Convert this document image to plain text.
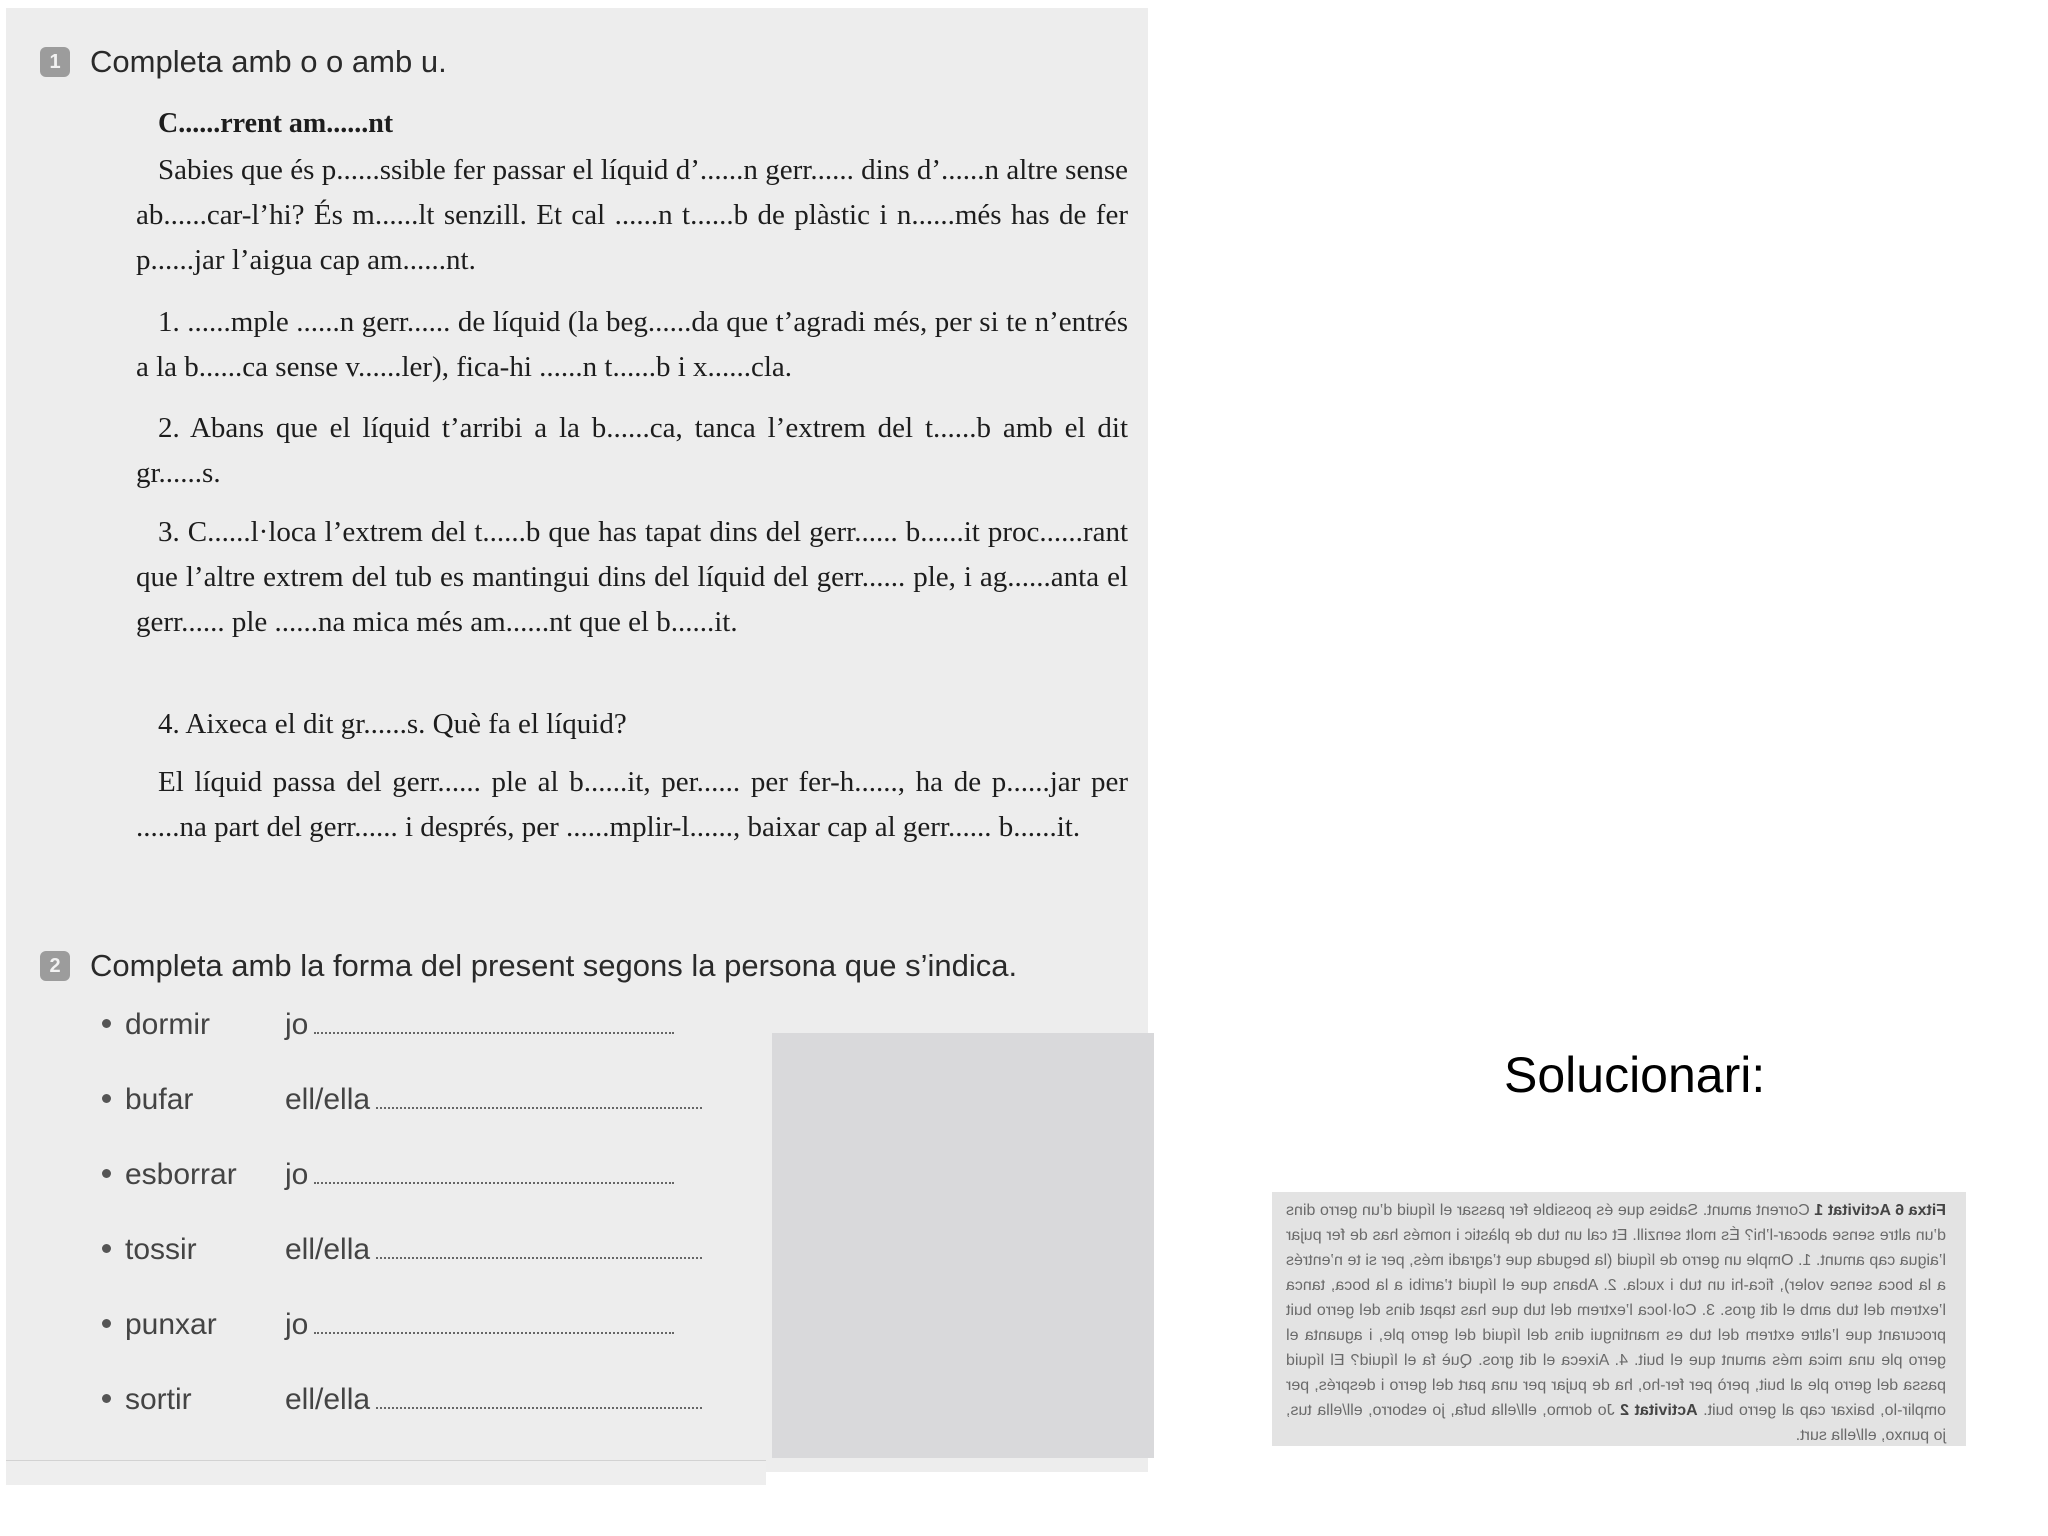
1 Completa amb o o amb u.
C......rrent am......nt
Sabies que és p......ssible fer passar el líquid d’......n gerr...... dins d’......n altre sense ab......car-l’hi? És m......lt senzill. Et cal ......n t......b de plàstic i n......més has de fer p......jar l’aigua cap am......nt.
1. ......mple ......n gerr...... de líquid (la beg......da que t’agradi més, per si te n’entrés a la b......ca sense v......ler), fica-hi ......n t......b i x......cla.
2. Abans que el líquid t’arribi a la b......ca, tanca l’extrem del t......b amb el dit gr......s.
3. C......l·loca l’extrem del t......b que has tapat dins del gerr...... b......it proc......rant que l’altre extrem del tub es mantingui dins del líquid del gerr...... ple, i ag......anta el gerr...... ple ......na mica més am......nt que el b......it.
4. Aixeca el dit gr......s. Què fa el líquid?
El líquid passa del gerr...... ple al b......it, per...... per fer-h......, ha de p......jar per ......na part del gerr...... i després, per ......mplir-l......, baixar cap al gerr...... b......it.
2 Completa amb la forma del present segons la persona que s’indica.
dormir	jo
bufar	ell/ella
esborrar	jo
tossir	ell/ella
punxar	jo
sortir	ell/ella
Solucionari:
Fitxa 6 Activitat 1 Corrent amunt. Sabies que és possible fer passar el líquid d’un gerro dins d’un altre sense abocar-l’hi? És molt senzill. Et cal un tub de plàstic i només has de fer pujar l’aigua cap amunt. 1. Omple un gerro de líquid (la beguda que t’agradi més, per si te n’entrés a la boca sense voler), fica-hi un tub i xucla. 2. Abans que el líquid t’arribi a la boca, tanca l’extrem del tub amb el dit gros. 3. Col·loca l’extrem del tub que has tapat dins del gerro buit procurant que l’altre extrem del tub es mantingui dins del líquid del gerro ple, i aguanta el gerro ple una mica més amunt que el buit. 4. Aixeca el dit gros. Què fa el líquid? El líquid passa del gerro ple al buit, però per fer-ho, ha de pujar per una part del gerro i després, per omplir-lo, baixar cap al gerro buit. Activitat 2 Jo dormo, ell/ella bufa, jo esborro, ell/ella tus, jo punxo, ell/ella surt.
